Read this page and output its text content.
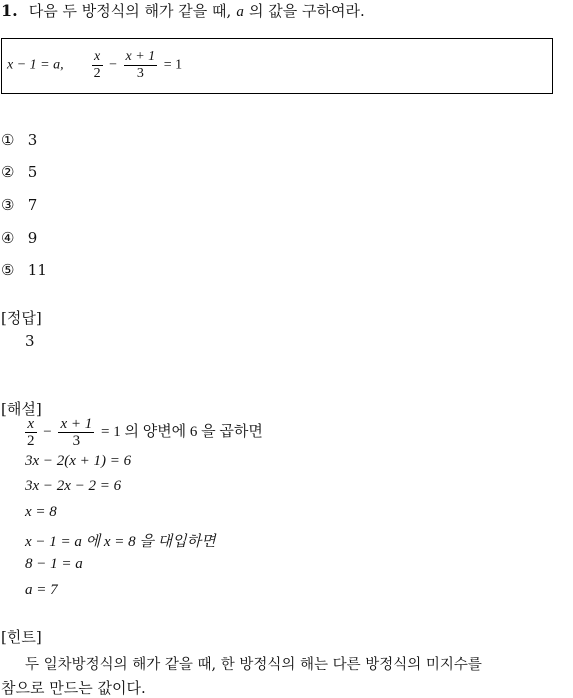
1. 다음 두 방정식의 해가 같을 때, a 의 값을 구하여라.
x − 1 = a, $\frac{x}{2} - \frac{x + 1}{3} = 1$
① 3
② 5
③ 7
④ 9
⑤ 11
[정답]
3
[해설]
$\frac{x}{2} - \frac{x + 1}{3} = 1$ 의 양변에 6 을 곱하면
3x − 2(x + 1) = 6
3x − 2x − 2 = 6
x = 8
x − 1 = a 에 x = 8 을 대입하면
8 − 1 = a
a = 7
[힌트]
두 일차방정식의 해가 같을 때, 한 방정식의 해는 다른 방정식의 미지수를
참으로 만드는 값이다.
